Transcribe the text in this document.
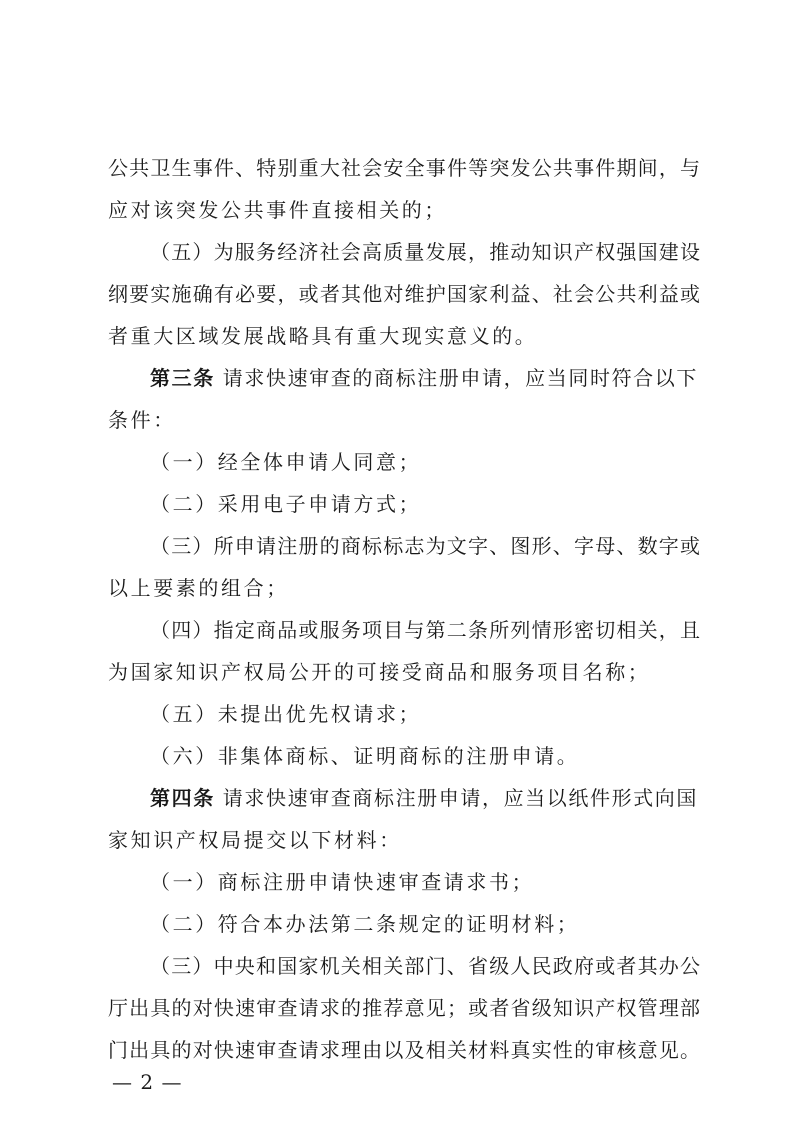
公共卫生事件、特别重大社会安全事件等突发公共事件期间，与
应对该突发公共事件直接相关的；
（五）为服务经济社会高质量发展，推动知识产权强国建设
纲要实施确有必要，或者其他对维护国家利益、社会公共利益或
者重大区域发展战略具有重大现实意义的。
第三条 请求快速审查的商标注册申请，应当同时符合以下
条件：
（一）经全体申请人同意；
（二）采用电子申请方式；
（三）所申请注册的商标标志为文字、图形、字母、数字或
以上要素的组合；
（四）指定商品或服务项目与第二条所列情形密切相关，且
为国家知识产权局公开的可接受商品和服务项目名称；
（五）未提出优先权请求；
（六）非集体商标、证明商标的注册申请。
第四条 请求快速审查商标注册申请，应当以纸件形式向国
家知识产权局提交以下材料：
（一）商标注册申请快速审查请求书；
（二）符合本办法第二条规定的证明材料；
（三）中央和国家机关相关部门、省级人民政府或者其办公
厅出具的对快速审查请求的推荐意见；或者省级知识产权管理部
门出具的对快速审查请求理由以及相关材料真实性的审核意见。
— 2 —
